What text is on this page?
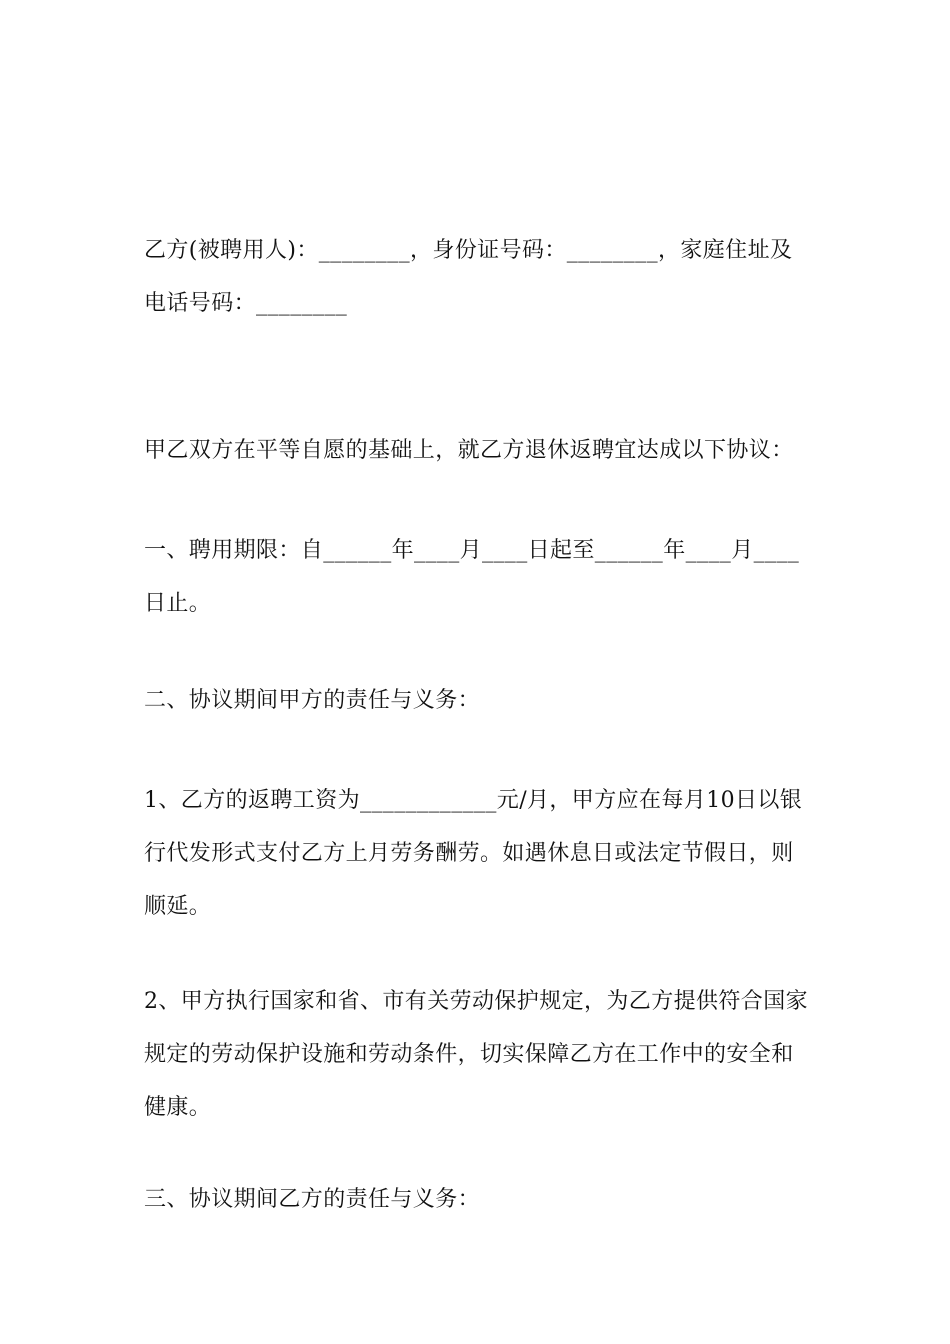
乙方(被聘用人)：________，身份证号码：________，家庭住址及电话号码：________

甲乙双方在平等自愿的基础上，就乙方退休返聘宜达成以下协议：

一、聘用期限：自______年____月____日起至______年____月____日止。

二、协议期间甲方的责任与义务：

1、乙方的返聘工资为____________元/月，甲方应在每月10日以银行代发形式支付乙方上月劳务酬劳。如遇休息日或法定节假日，则顺延。

2、甲方执行国家和省、市有关劳动保护规定，为乙方提供符合国家规定的劳动保护设施和劳动条件，切实保障乙方在工作中的安全和健康。

三、协议期间乙方的责任与义务：
